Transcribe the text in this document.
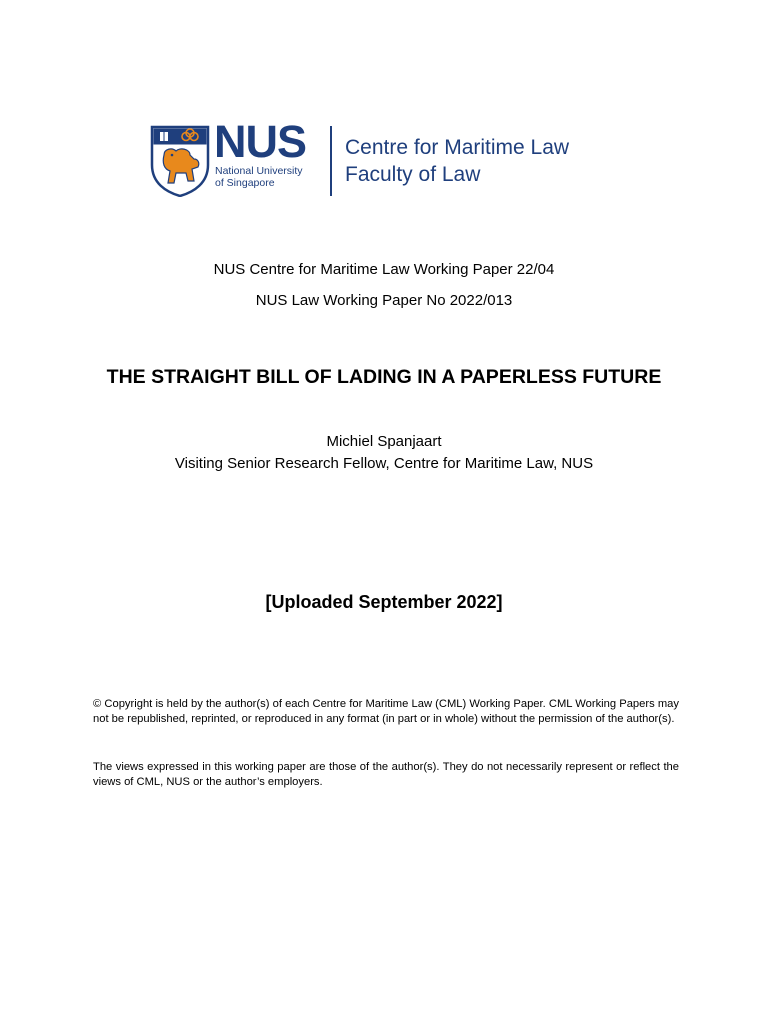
NUS
National University
of Singapore
Centre for Maritime Law
Faculty of Law
NUS Centre for Maritime Law Working Paper 22/04
NUS Law Working Paper No 2022/013
THE STRAIGHT BILL OF LADING IN A PAPERLESS FUTURE
Michiel Spanjaart
Visiting Senior Research Fellow, Centre for Maritime Law, NUS
[Uploaded September 2022]
© Copyright is held by the author(s) of each Centre for Maritime Law (CML) Working Paper. CML Working Papers may not be republished, reprinted, or reproduced in any format (in part or in whole) without the permission of the author(s).
The views expressed in this working paper are those of the author(s). They do not necessarily represent or reflect the views of CML, NUS or the author’s employers.
